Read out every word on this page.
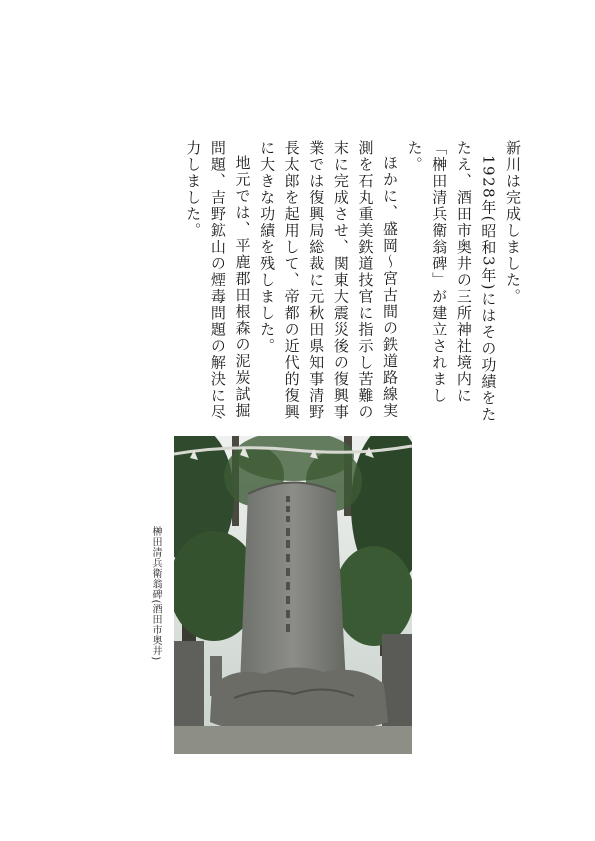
新川は完成しました。

1928年(昭和3年)にはその功績をたたえ、酒田市奥井の三所神社境内に「榊田清兵衛翁碑」が建立されました。

ほかに、盛岡〜宮古間の鉄道路線実測を石丸重美鉄道技官に指示し苦難の末に完成させ、関東大震災後の復興事業では復興局総裁に元秋田県知事清野長太郎を起用して、帝都の近代的復興に大きな功績を残しました。

地元では、平鹿郡田根森の泥炭試掘問題、吉野鉱山の煙毒問題の解決に尽力しました。

榊田清兵衛翁碑(酒田市奥井)
